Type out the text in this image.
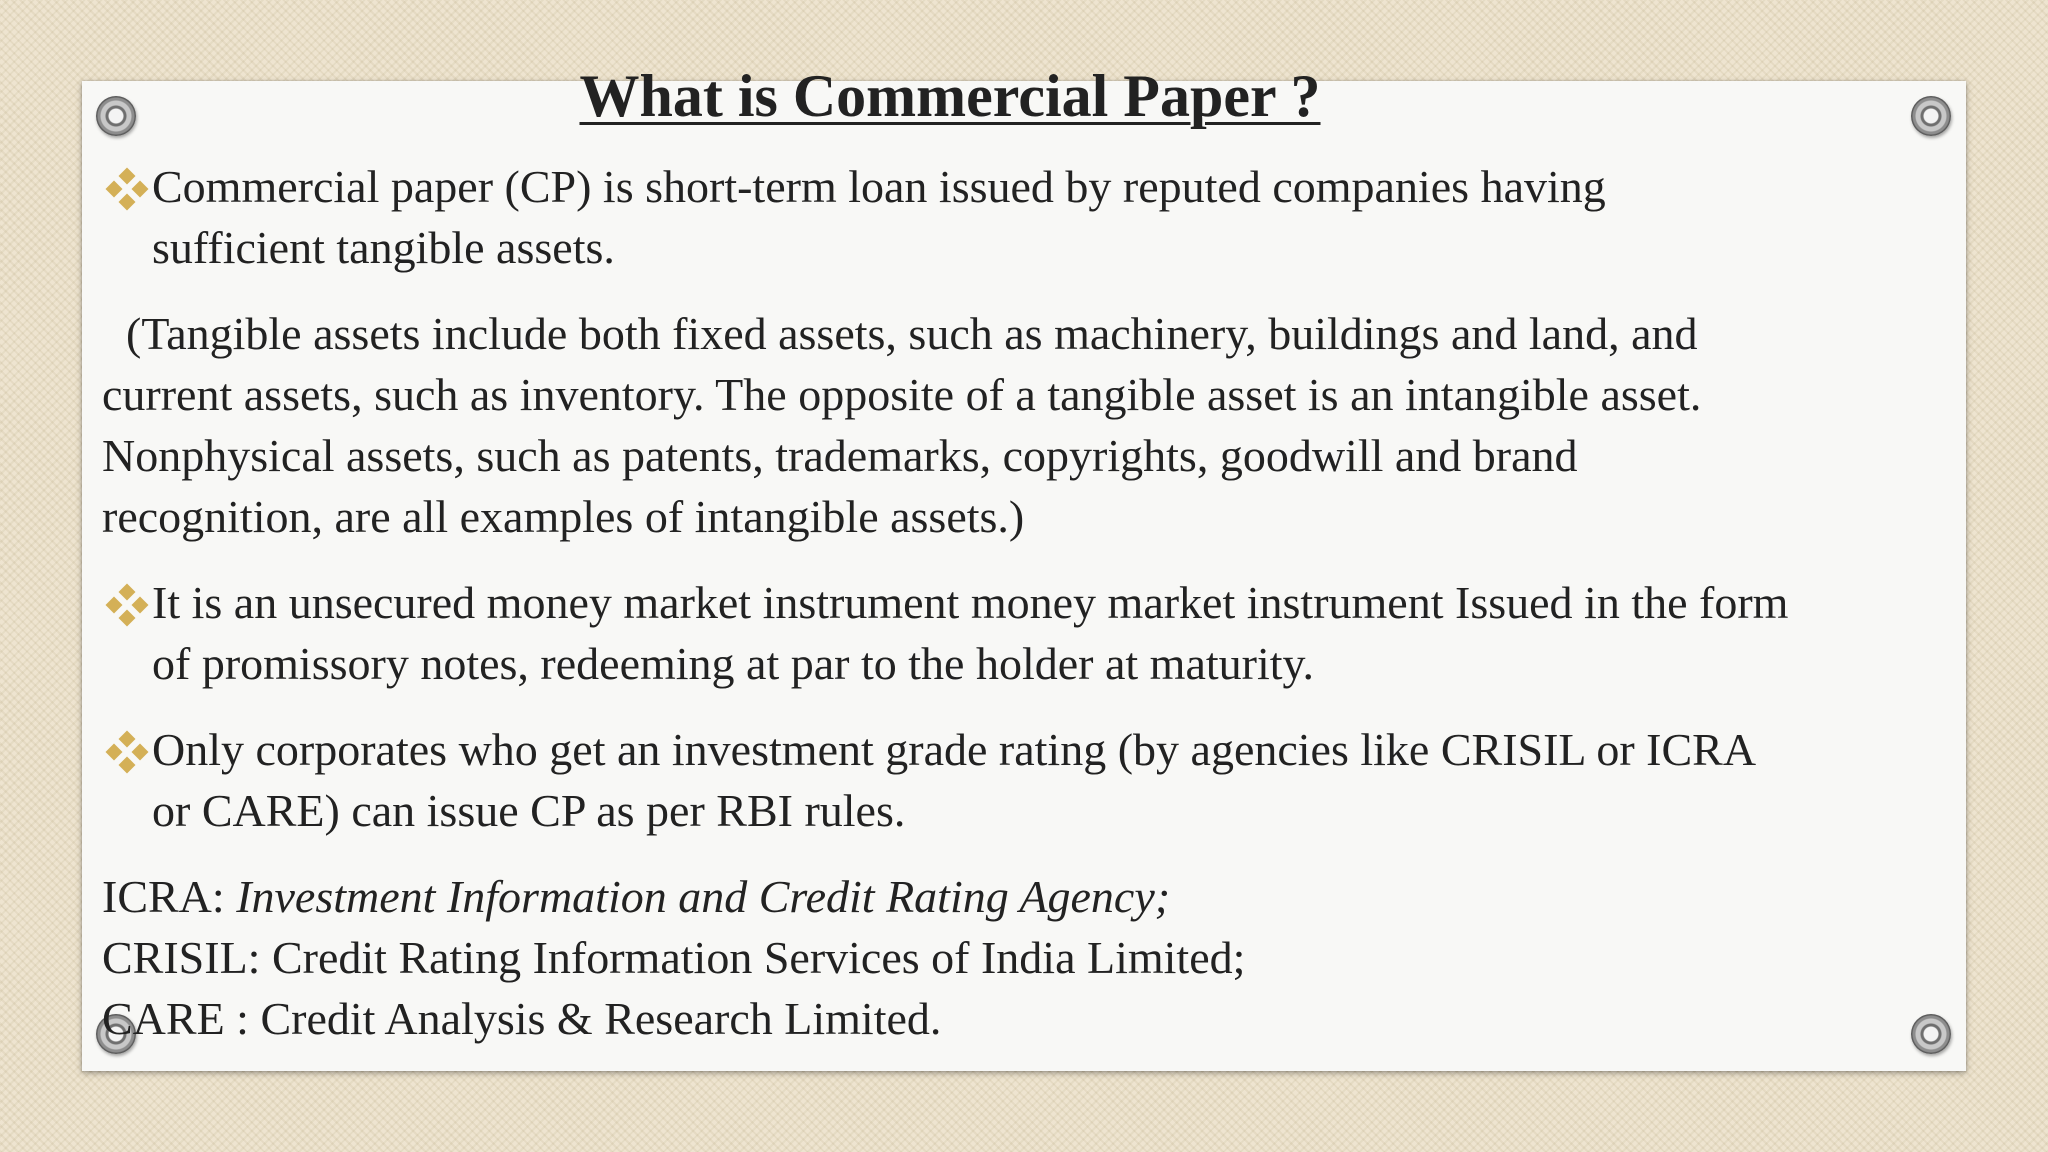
What is Commercial Paper ?
Commercial paper (CP) is short-term loan issued by reputed companies having
sufficient tangible assets.
(Tangible assets include both fixed assets, such as machinery, buildings and land, and
current assets, such as inventory. The opposite of a tangible asset is an intangible asset.
Nonphysical assets, such as patents, trademarks, copyrights, goodwill and brand
recognition, are all examples of intangible assets.)
It is an unsecured money market instrument money market instrument Issued in the form
of promissory notes, redeeming at par to the holder at maturity.
Only corporates who get an investment grade rating (by agencies like CRISIL or ICRA
or CARE) can issue CP as per RBI rules.
ICRA: Investment Information and Credit Rating Agency;
CRISIL: Credit Rating Information Services of India Limited;
CARE : Credit Analysis & Research Limited.
